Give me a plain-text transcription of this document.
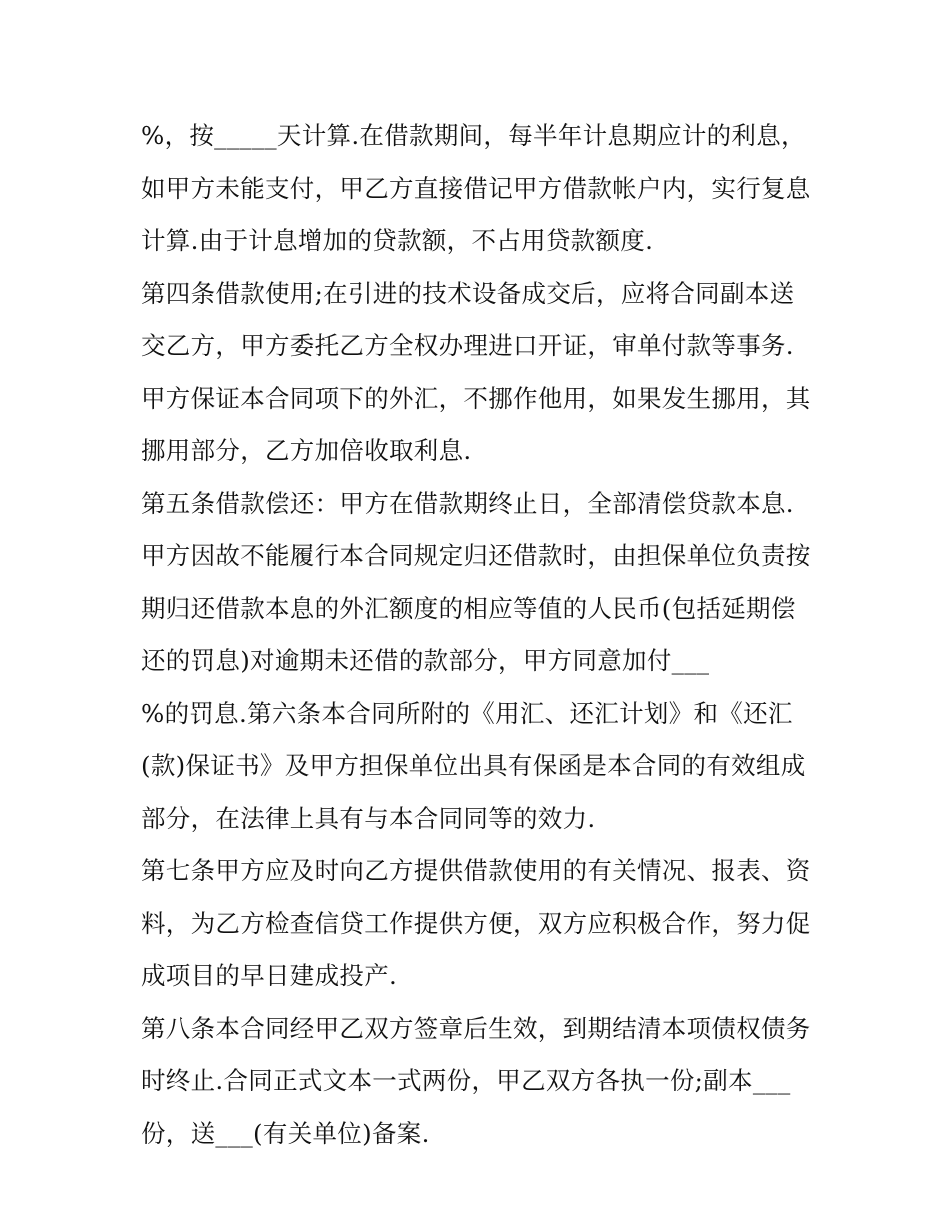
%，按_____天计算.在借款期间，每半年计息期应计的利息，
如甲方未能支付，甲乙方直接借记甲方借款帐户内，实行复息
计算.由于计息增加的贷款额，不占用贷款额度.
第四条借款使用;在引进的技术设备成交后，应将合同副本送
交乙方，甲方委托乙方全权办理进口开证，审单付款等事务.
甲方保证本合同项下的外汇，不挪作他用，如果发生挪用，其
挪用部分，乙方加倍收取利息.
第五条借款偿还：甲方在借款期终止日，全部清偿贷款本息.
甲方因故不能履行本合同规定归还借款时，由担保单位负责按
期归还借款本息的外汇额度的相应等值的人民币(包括延期偿
还的罚息)对逾期未还借的款部分，甲方同意加付___
%的罚息.第六条本合同所附的《用汇、还汇计划》和《还汇
(款)保证书》及甲方担保单位出具有保函是本合同的有效组成
部分，在法律上具有与本合同同等的效力.
第七条甲方应及时向乙方提供借款使用的有关情况、报表、资
料，为乙方检查信贷工作提供方便，双方应积极合作，努力促
成项目的早日建成投产.
第八条本合同经甲乙双方签章后生效，到期结清本项债权债务
时终止.合同正式文本一式两份，甲乙双方各执一份;副本___
份，送___(有关单位)备案.
